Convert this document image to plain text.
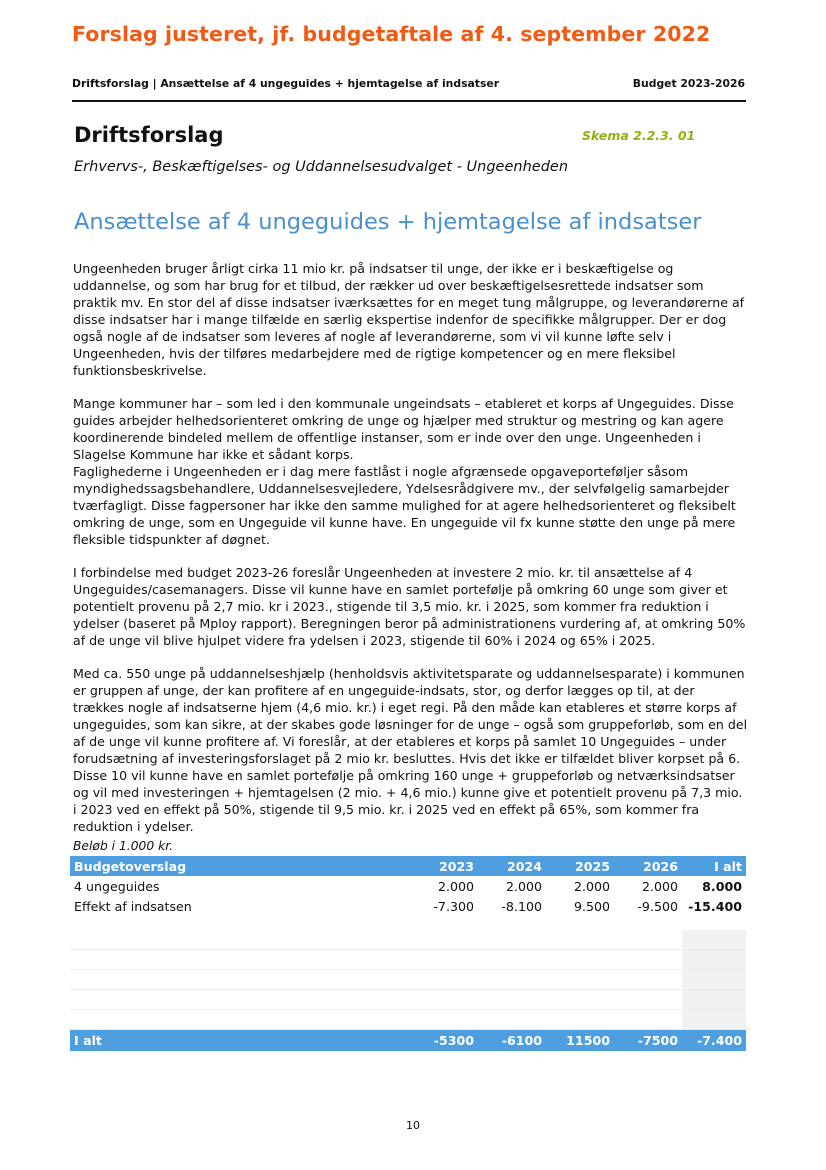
Forslag justeret, jf. budgetaftale af 4. september 2022
Driftsforslag | Ansættelse af 4 ungeguides + hjemtagelse af indsatser	Budget 2023-2026
Driftsforslag	Skema 2.2.3. 01
Erhvervs-, Beskæftigelses- og Uddannelsesudvalget - Ungeenheden
Ansættelse af 4 ungeguides + hjemtagelse af indsatser

Ungeenheden bruger årligt cirka 11 mio kr. på indsatser til unge, der ikke er i beskæftigelse og uddannelse, og som har brug for et tilbud, der rækker ud over beskæftigelsesrettede indsatser som praktik mv. En stor del af disse indsatser iværksættes for en meget tung målgruppe, og leverandørerne af disse indsatser har i mange tilfælde en særlig ekspertise indenfor de specifikke målgrupper. Der er dog også nogle af de indsatser som leveres af nogle af leverandørerne, som vi vil kunne løfte selv i Ungeenheden, hvis der tilføres medarbejdere med de rigtige kompetencer og en mere fleksibel funktionsbeskrivelse.

Mange kommuner har – som led i den kommunale ungeindsats – etableret et korps af Ungeguides. Disse guides arbejder helhedsorienteret omkring de unge og hjælper med struktur og mestring og kan agere koordinerende bindeled mellem de offentlige instanser, som er inde over den unge. Ungeenheden i Slagelse Kommune har ikke et sådant korps.

Faglighederne i Ungeenheden er i dag mere fastlåst i nogle afgrænsede opgaveporteføljer såsom myndighedssagsbehandlere, Uddannelsesvejledere, Ydelsesrådgivere mv., der selvfølgelig samarbejder tværfagligt. Disse fagpersoner har ikke den samme mulighed for at agere helhedsorienteret og fleksibelt omkring de unge, som en Ungeguide vil kunne have. En ungeguide vil fx kunne støtte den unge på mere fleksible tidspunkter af døgnet.

I forbindelse med budget 2023-26 foreslår Ungeenheden at investere 2 mio. kr. til ansættelse af 4 Ungeguides/casemanagers. Disse vil kunne have en samlet portefølje på omkring 60 unge som giver et potentielt provenu på 2,7 mio. kr i 2023., stigende til 3,5 mio. kr. i 2025, som kommer fra reduktion i ydelser (baseret på Mploy rapport). Beregningen beror på administrationens vurdering af, at omkring 50% af de unge vil blive hjulpet videre fra ydelsen i 2023, stigende til 60% i 2024 og 65% i 2025.

Med ca. 550 unge på uddannelseshjælp (henholdsvis aktivitetsparate og uddannelsesparate) i kommunen er gruppen af unge, der kan profitere af en ungeguide-indsats, stor, og derfor lægges op til, at der trækkes nogle af indsatserne hjem (4,6 mio. kr.) i eget regi. På den måde kan etableres et større korps af ungeguides, som kan sikre, at der skabes gode løsninger for de unge – også som gruppeforløb, som en del af de unge vil kunne profitere af. Vi foreslår, at der etableres et korps på samlet 10 Ungeguides – under forudsætning af investeringsforslaget på 2 mio kr. besluttes. Hvis det ikke er tilfældet bliver korpset på 6. Disse 10 vil kunne have en samlet portefølje på omkring 160 unge + gruppeforløb og netværksindsatser og vil med investeringen + hjemtagelsen (2 mio. + 4,6 mio.) kunne give et potentielt provenu på 7,3 mio. i 2023 ved en effekt på 50%, stigende til 9,5 mio. kr. i 2025 ved en effekt på 65%, som kommer fra reduktion i ydelser.

Beløb i 1.000 kr.
Budgetoverslag	2023	2024	2025	2026	I alt
4 ungeguides	2.000	2.000	2.000	2.000	8.000
Effekt af indsatsen	-7.300	-8.100	9.500	-9.500	-15.400

I alt	-5300	-6100	11500	-7500	-7.400
10
